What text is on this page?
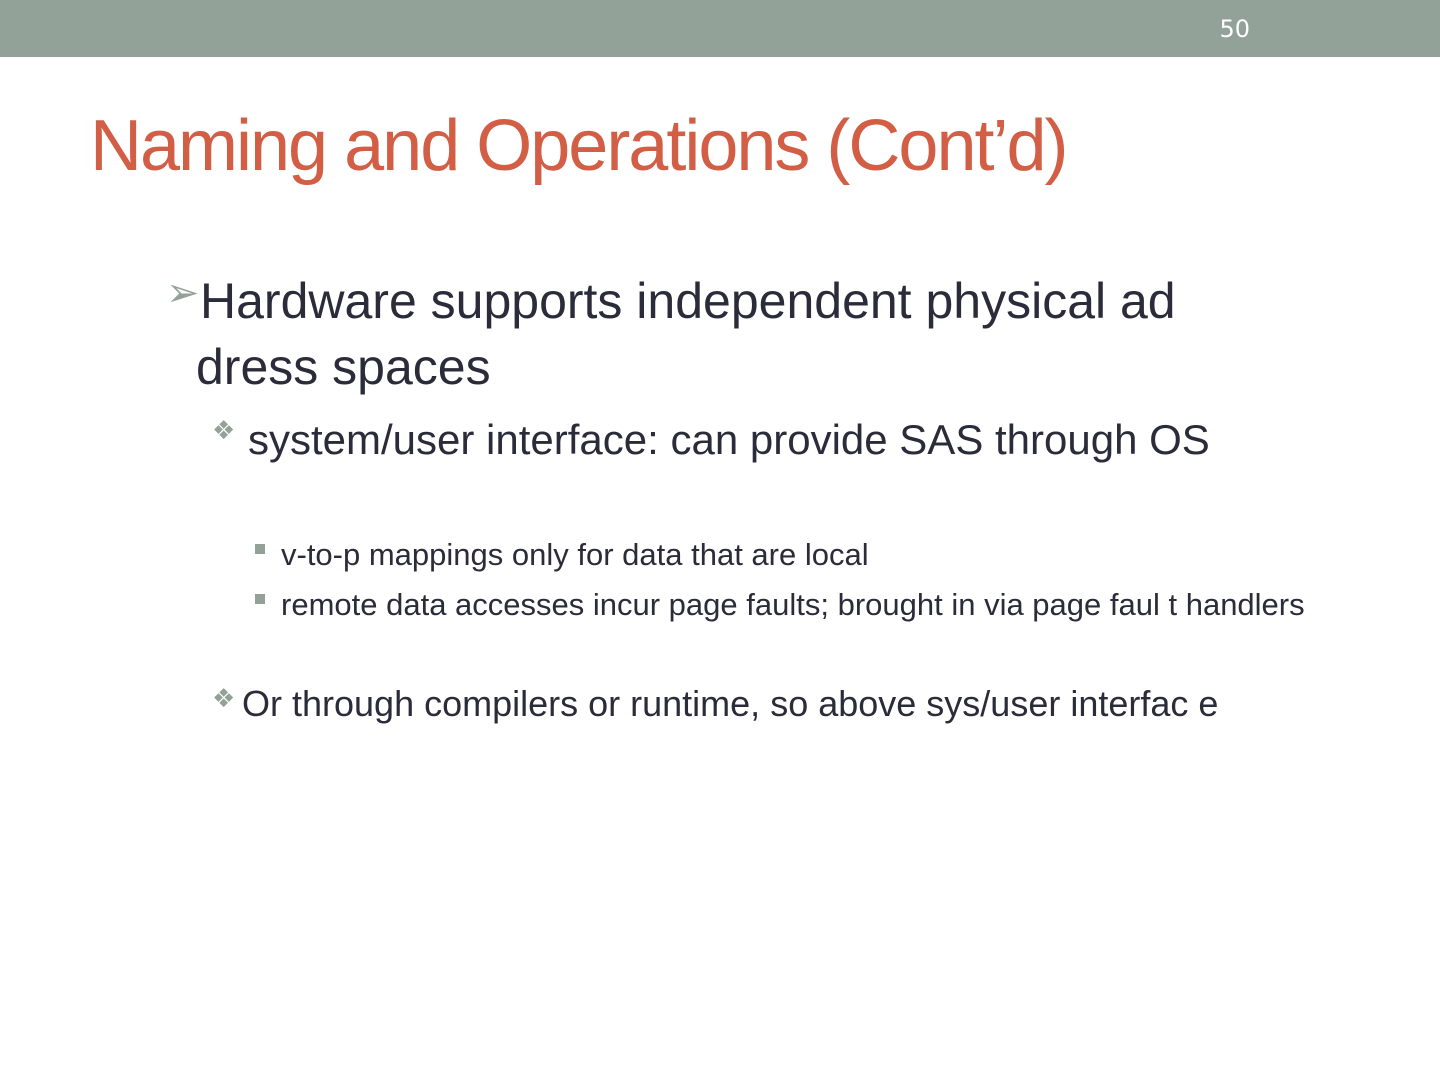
50
Naming and Operations (Cont’d)
➢ Hardware supports independent physical ad dress spaces
❖ system/user interface: can provide SAS through OS
v-to-p mappings only for data that are local
remote data accesses incur page faults; brought in via page faul t handlers
❖ Or through compilers or runtime, so above sys/user interfac e
